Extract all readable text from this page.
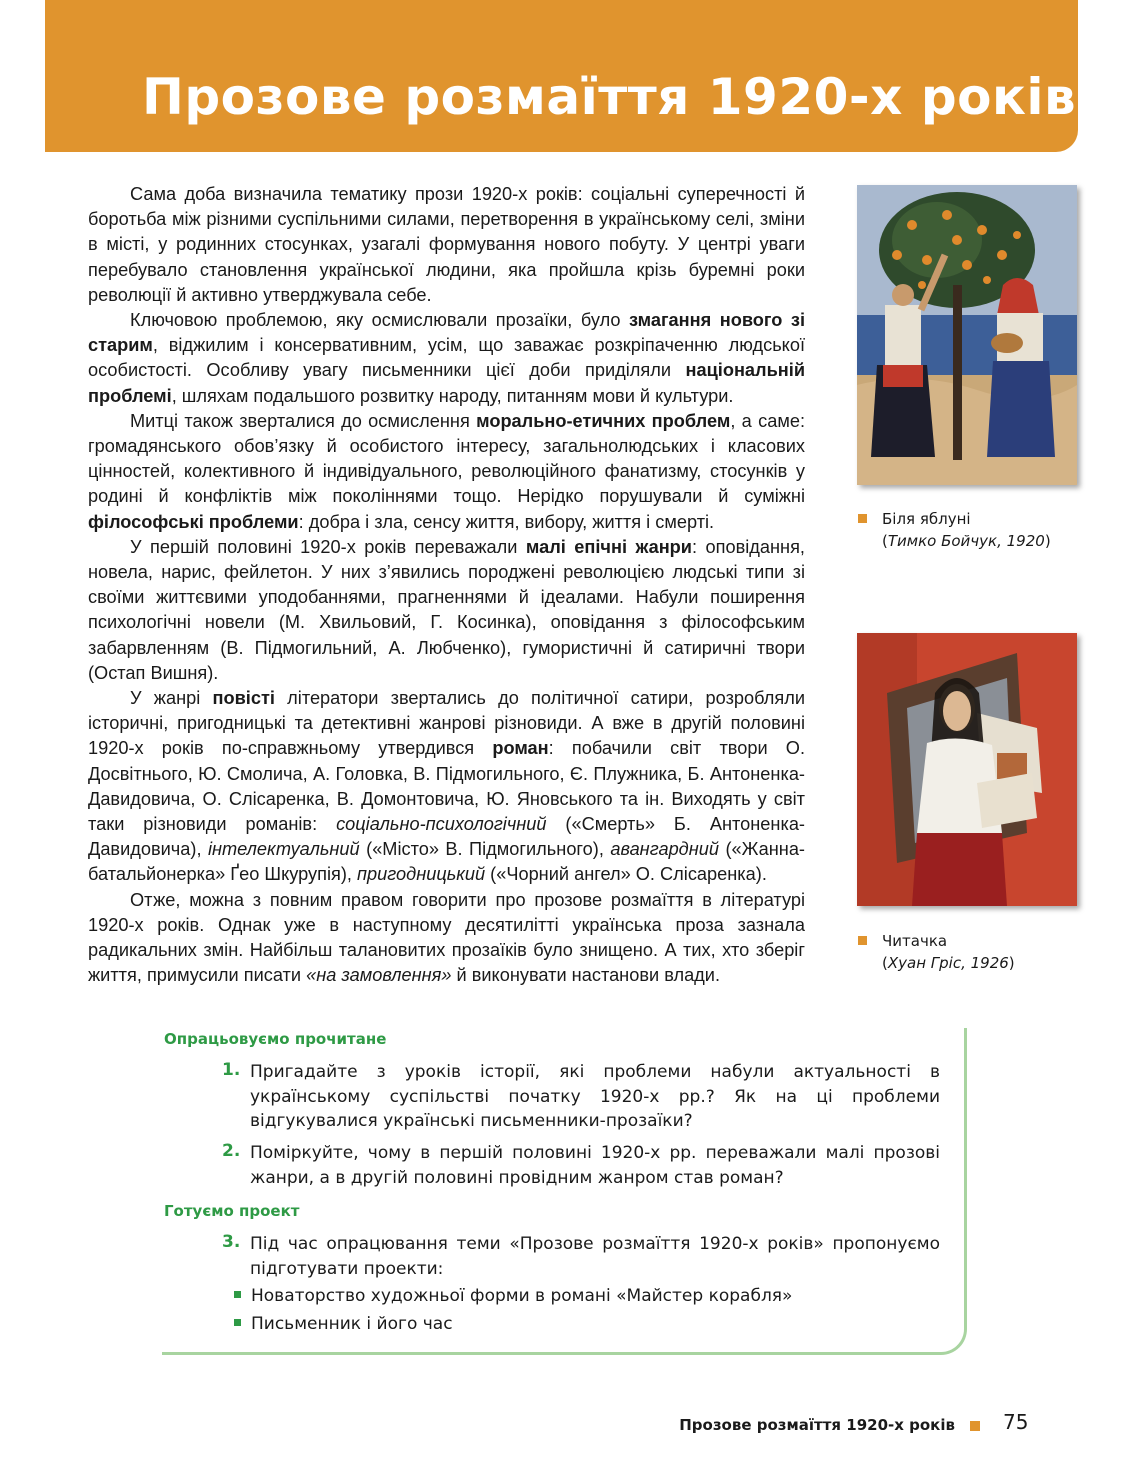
Прозове розмаїття 1920-х років

Сама доба визначила тематику прози 1920-х років: соціальні суперечності й боротьба між різними суспільними силами, перетворення в українському селі, зміни в місті, у родинних стосунках, узагалі формування нового побуту. У центрі уваги перебувало становлення української людини, яка пройшла крізь буремні роки революції й активно утверджувала себе.

Ключовою проблемою, яку осмислювали прозаїки, було змагання нового зі старим, віджилим і консервативним, усім, що заважає розкріпаченню людської особистості. Особливу увагу письменники цієї доби приділяли національній проблемі, шляхам подальшого розвитку народу, питанням мови й культури.

Митці також зверталися до осмислення морально-етичних проблем, а саме: громадянського обов’язку й особистого інтересу, загальнолюдських і класових цінностей, колективного й індивідуального, революційного фанатизму, стосунків у родині й конфліктів між поколіннями тощо. Нерідко порушували й суміжні філософські проблеми: добра і зла, сенсу життя, вибору, життя і смерті.

У першій половині 1920-х років переважали малі епічні жанри: оповідання, новела, нарис, фейлетон. У них з’явились породжені революцією людські типи зі своїми життєвими уподобаннями, прагненнями й ідеалами. Набули поширення психологічні новели (М. Хвильовий, Г. Косинка), оповідання з філософським забарвленням (В. Підмогильний, А. Любченко), гумористичні й сатиричні твори (Остап Вишня).

У жанрі повісті літератори звертались до політичної сатири, розробляли історичні, пригодницькі та детективні жанрові різновиди. А вже в другій половині 1920-х років по-справжньому утвердився роман: побачили світ твори О. Досвітнього, Ю. Смолича, А. Головка, В. Підмогильного, Є. Плужника, Б. Антоненка-Давидовича, О. Слісаренка, В. Домонтовича, Ю. Яновського та ін. Виходять у світ таки різновиди романів: соціально-психологічний («Смерть» Б. Антоненка-Давидовича), інтелектуальний («Місто» В. Підмогильного), авангардний («Жанна-батальйонерка» Ґео Шкурупія), пригодницький («Чорний ангел» О. Слісаренка).

Отже, можна з повним правом говорити про прозове розмаїття в літературі 1920-х років. Однак уже в наступному десятилітті українська проза зазнала радикальних змін. Найбільш талановитих прозаїків було знищено. А тих, хто зберіг життя, примусили писати «на замовлення» й виконувати настанови влади.

Біля яблуні
(Тимко Бойчук, 1920)
Читачка
(Хуан Гріс, 1926)
Опрацьовуємо прочитане
1. Пригадайте з уроків історії, які проблеми набули актуальності в українському суспільстві початку 1920-х рр.? Як на ці проблеми відгукувалися українські письменники-прозаїки?
2. Поміркуйте, чому в першій половині 1920-х рр. переважали малі прозові жанри, а в другій половині провідним жанром став роман?
Готуємо проект
3. Під час опрацювання теми «Прозове розмаїття 1920-х років» пропонуємо підготувати проекти:
Новаторство художньої форми в романі «Майстер корабля»
Письменник і його час
Прозове розмаїття 1920-х років 75
